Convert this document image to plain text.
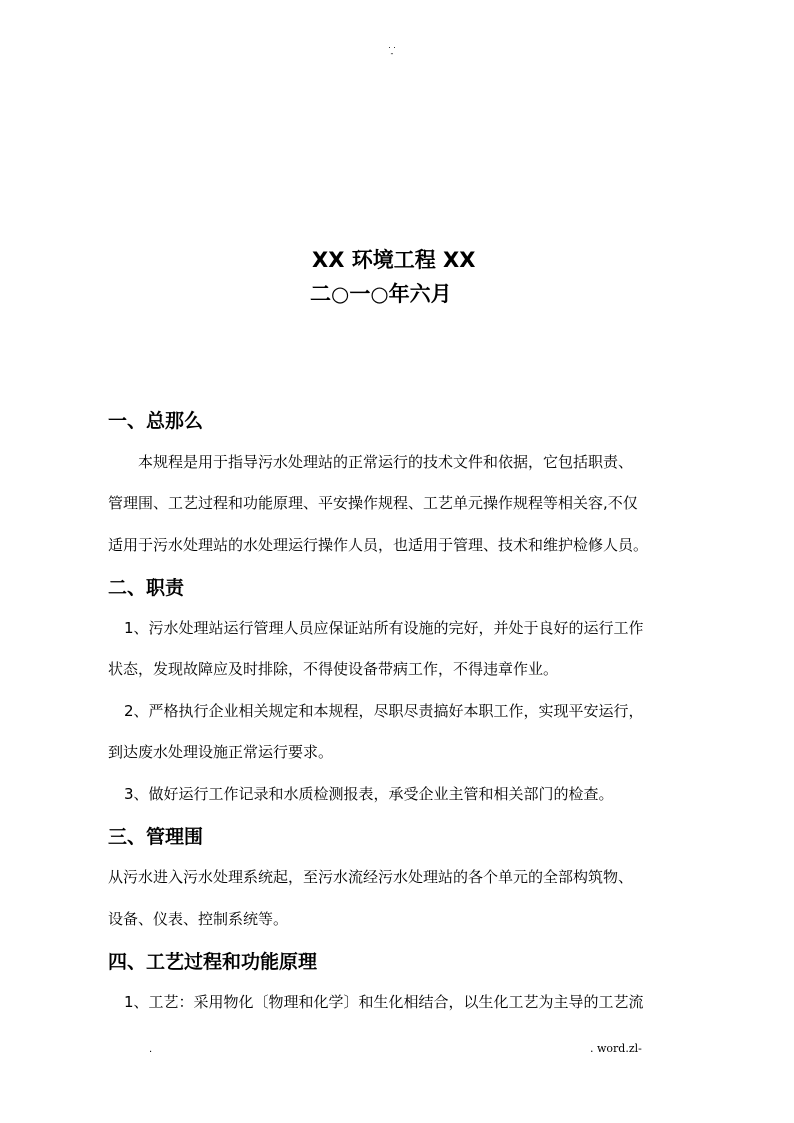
. .
-
XX 环境工程 XX
二○一○年六月
一、总那么
本规程是用于指导污水处理站的正常运行的技术文件和依据，它包括职责、
管理围、工艺过程和功能原理、平安操作规程、工艺单元操作规程等相关容,不仅
适用于污水处理站的水处理运行操作人员，也适用于管理、技术和维护检修人员。
二、职责
1、污水处理站运行管理人员应保证站所有设施的完好，并处于良好的运行工作
状态，发现故障应及时排除，不得使设备带病工作，不得违章作业。
2、严格执行企业相关规定和本规程，尽职尽责搞好本职工作，实现平安运行，
到达废水处理设施正常运行要求。
3、做好运行工作记录和水质检测报表，承受企业主管和相关部门的检查。
三、管理围
从污水进入污水处理系统起，至污水流经污水处理站的各个单元的全部构筑物、
设备、仪表、控制系统等。
四、工艺过程和功能原理
1、工艺：采用物化〔物理和化学〕和生化相结合，以生化工艺为主导的工艺流
.	. word.zl-
